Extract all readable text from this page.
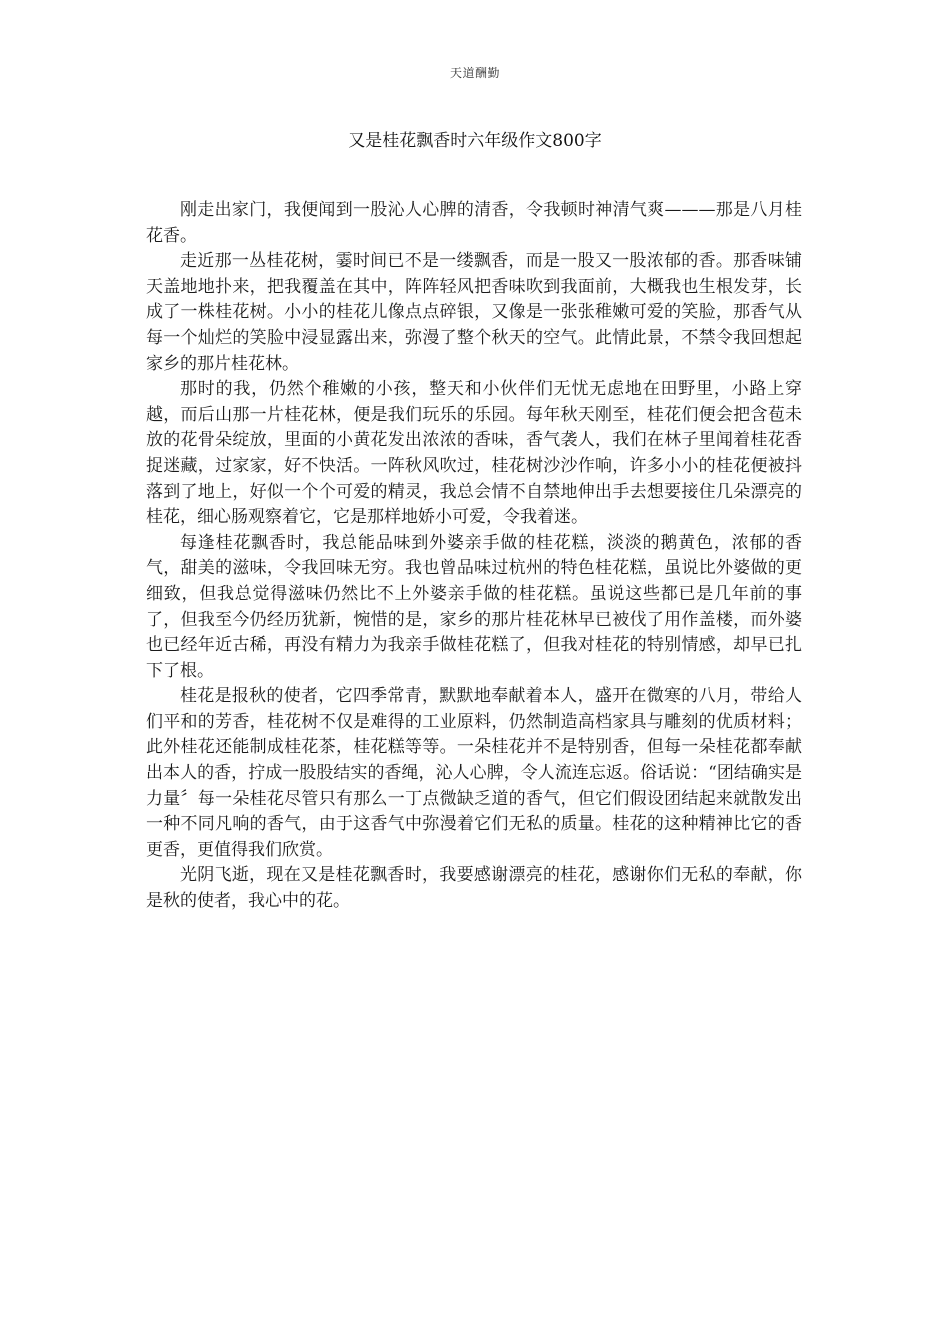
天道酬勤
又是桂花飘香时六年级作文800字

刚走出家门，我便闻到一股沁人心脾的清香，令我顿时神清气爽———那是八月桂花香。

走近那一丛桂花树，霎时间已不是一缕飘香，而是一股又一股浓郁的香。那香味铺天盖地地扑来，把我覆盖在其中，阵阵轻风把香味吹到我面前，大概我也生根发芽，长成了一株桂花树。小小的桂花儿像点点碎银，又像是一张张稚嫩可爱的笑脸，那香气从每一个灿烂的笑脸中浸显露出来，弥漫了整个秋天的空气。此情此景，不禁令我回想起家乡的那片桂花林。

那时的我，仍然个稚嫩的小孩，整天和小伙伴们无忧无虑地在田野里，小路上穿越，而后山那一片桂花林，便是我们玩乐的乐园。每年秋天刚至，桂花们便会把含苞未放的花骨朵绽放，里面的小黄花发出浓浓的香味，香气袭人，我们在林子里闻着桂花香捉迷藏，过家家，好不快活。一阵秋风吹过，桂花树沙沙作响，许多小小的桂花便被抖落到了地上，好似一个个可爱的精灵，我总会情不自禁地伸出手去想要接住几朵漂亮的桂花，细心肠观察着它，它是那样地娇小可爱，令我着迷。

每逢桂花飘香时，我总能品味到外婆亲手做的桂花糕，淡淡的鹅黄色，浓郁的香气，甜美的滋味，令我回味无穷。我也曾品味过杭州的特色桂花糕，虽说比外婆做的更细致，但我总觉得滋味仍然比不上外婆亲手做的桂花糕。虽说这些都已是几年前的事了，但我至今仍经历犹新，惋惜的是，家乡的那片桂花林早已被伐了用作盖楼，而外婆也已经年近古稀，再没有精力为我亲手做桂花糕了，但我对桂花的特别情感，却早已扎下了根。

桂花是报秋的使者，它四季常青，默默地奉献着本人，盛开在微寒的八月，带给人们平和的芳香，桂花树不仅是难得的工业原料，仍然制造高档家具与雕刻的优质材料；此外桂花还能制成桂花茶，桂花糕等等。一朵桂花并不是特别香，但每一朵桂花都奉献出本人的香，拧成一股股结实的香绳，沁人心脾，令人流连忘返。俗话说：“团结确实是力量〞每一朵桂花尽管只有那么一丁点微缺乏道的香气，但它们假设团结起来就散发出一种不同凡响的香气，由于这香气中弥漫着它们无私的质量。桂花的这种精神比它的香更香，更值得我们欣赏。

光阴飞逝，现在又是桂花飘香时，我要感谢漂亮的桂花，感谢你们无私的奉献，你是秋的使者，我心中的花。
